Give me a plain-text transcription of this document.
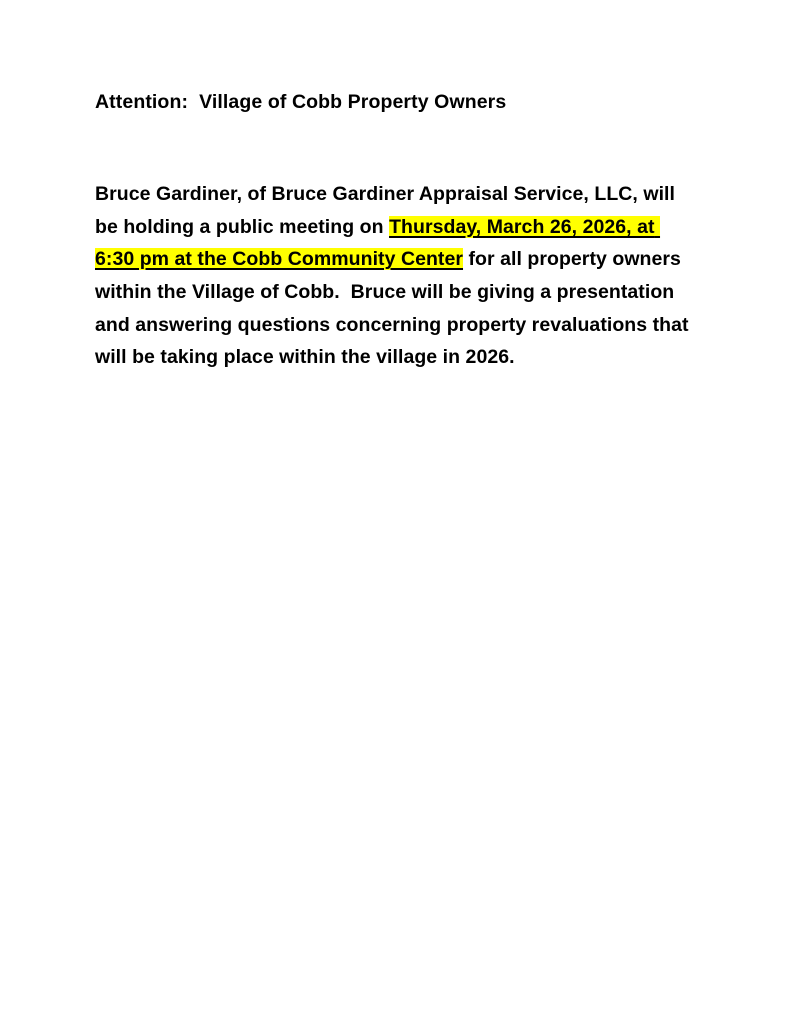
Attention:  Village of Cobb Property Owners

Bruce Gardiner, of Bruce Gardiner Appraisal Service, LLC, will be holding a public meeting on Thursday, March 26, 2026, at 6:30 pm at the Cobb Community Center for all property owners within the Village of Cobb.  Bruce will be giving a presentation and answering questions concerning property revaluations that will be taking place within the village in 2026.
